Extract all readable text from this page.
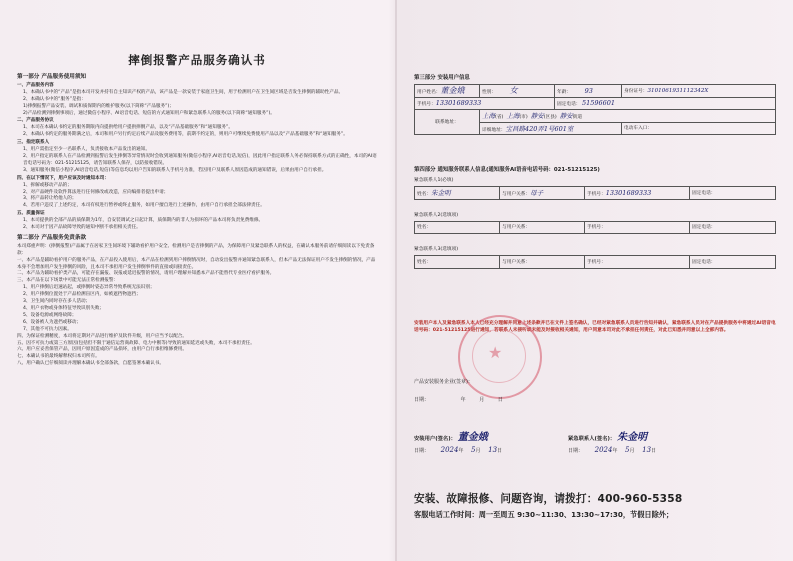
摔倒报警产品服务确认书
第一部分 产品服务使用须知

一、产品服务内容

1、本确认书中的“产品”是指本司开发并持有自主知识产权的产品，该产品是一款安装于家庭卫生间，用于检测用户在卫生间区域是否发生摔倒的辅助性产品。

2、本确认书中的“服务”是指：

1)摔倒报警产品安装、调试和质保期内的维护服务(以下简称“产品服务”)；

2)产品检测到摔倒事项后，通过微信小程序、AI语音电话、短信的方式通知用户和紧急联系人的服务(以下简称“通知服务”)。

二、产品服务协议

1、本司在本确认书约定的服务期限内向提供给用户提供摔倒产品，以及“产品基础服务”和“通知服务”。

2、本确认书约定的服务期满之后，本司和用户另行约定后续产品及服务费用等，前期不约定的，则用户可继续免费使用产品以及“产品基础服务”和“通知服务”。

三、指定联系人

1、用户需指定至少一名联系人，负责接收本产品发出的通知。

2、用户指定的联系人在产品检测到报警后发生摔倒等异常情况时会收到通知服务(微信小程序,AI语音电话,短信)，因此用户指定联系人务必保持联系方式的正确性，本司的AI语音电话号码为：021-51215125，请告知联系人保存，以防接收错误。

3、通知服务(微信小程序,AI语音电话,短信)等信息均以用户告知的联系人手机号为准，若因用户及联系人原因造成的通知错误，后果由用户自行承担。

四、在以下情况下，用户应该及时通知本司：

1、拆解或移动产品的；

2、对产品硬件及软件算法进行任何修改或改造，应向编排者提出申请；

3、将产品转让给他人的；

4、若用户违反了上述约定，本司有权进行暂停或终止服务，如用户擅自进行上述操作，由用户自行承担全部法律责任。

五、质量保证

1、本司提供的全部产品的质保期为1年，自安装调试之日起计算，质保期内的非人为损坏的产品本司将负责免费维修。

2、本司对于因产品故障导致的通知中断不承担相关责任。

第二部分 产品服务免责条款

本司郑重声明：(摔倒报警)产品属于在居家卫生间环境下辅助看护用户安全、检测用户是否摔倒的产品，为保障用户及紧急联系人的权益，在确认本服务前请仔细阅读以下免责条款：

一、本产品是辅助看护用户的服务产品，在产品投入使用后，本产品在检测到用户摔倒情况时，自动发出报警并通知紧急联系人，但本产品无法保证用户不发生摔倒的情况，产品本身不会增加用户发生摔倒的风险，且本司不承担用户发生摔倒事件的直接或间接责任。

二、本产品为辅助看护类产品，可能存在漏报、误报或延迟报警的情况，请用户理解并知悉本产品不能替代专业医疗看护服务。

三、本产品在以下场景中可能无法正常检测报警：

1、用户摔倒后迅速站起，或摔倒时姿态异常导致系统无法识别；

2、用户摔倒位置处于产品检测盲区内，如被遮挡物遮挡；

3、卫生间内同时存在多人活动；

4、用户衣物或身体特征导致识别失败；

5、设备电源或网络故障；

6、设备被人为遮挡或移动；

7、其他不可抗力因素。

四、为保证检测精度，本司将定期对产品进行维护及软件升级，用户应当予以配合。

五、因不可抗力或第三方原因(包括但不限于通信运营商故障、电力中断等)导致的通知延迟或失败，本司不承担责任。

六、用户应妥善保管产品，因用户原因造成的产品损坏，由用户自行承担维修费用。

七、本确认书的最终解释权归本司所有。

八、用户确认已仔细阅读并理解本确认书全部条款，自愿签署本确认书。

第三部分 安装用户信息
用户姓名：董金娥	性别： 女	年龄： 93	身份证号：3101061931112342X
手机号：13301689333		固定电话： 51596601	
联系地址：	上海(省) 上海(市) 静安(区县) 静安街道		
	详细地址：宝昌路420弄1号601室		电动车入口：
第四部分 通知服务联系人信息(通知服务AI语音电话号码：021-51215125)
紧急联系人1(必填)
姓名：朱金明	与用户关系：母子	手机号：13301689333	固定电话：
紧急联系人2(选填项)
姓名：	与用户关系：	手机号：	固定电话：
紧急联系人3(选填项)
姓名：	与用户关系：	手机号：	固定电话：
安装用户本人及紧急联系人本人已经充分理解并同意上述条款并已在文件上签名确认，已经对紧急联系人员进行告知并确认，紧急联系人员对在产品提供服务中将通过AI语音电话号码：021-51215125进行通知，若联系人未接听或未能及时接收相关通知，用户同意本司对此不承担任何责任，对此已知悉并同意以上全部内容。
★
产品安装服务企业(签章)：
日期：	年	月	日
安装用户(签名)： 董金娥	紧急联系人(签名)： 朱金明
日期： 2024年 5月 13日	日期： 2024年 5月 13日
安装、故障报修、问题咨询，请拨打：400-960-5358
客服电话工作时间：周一至周五 9:30~11:30、13:30~17:30，节假日除外；
